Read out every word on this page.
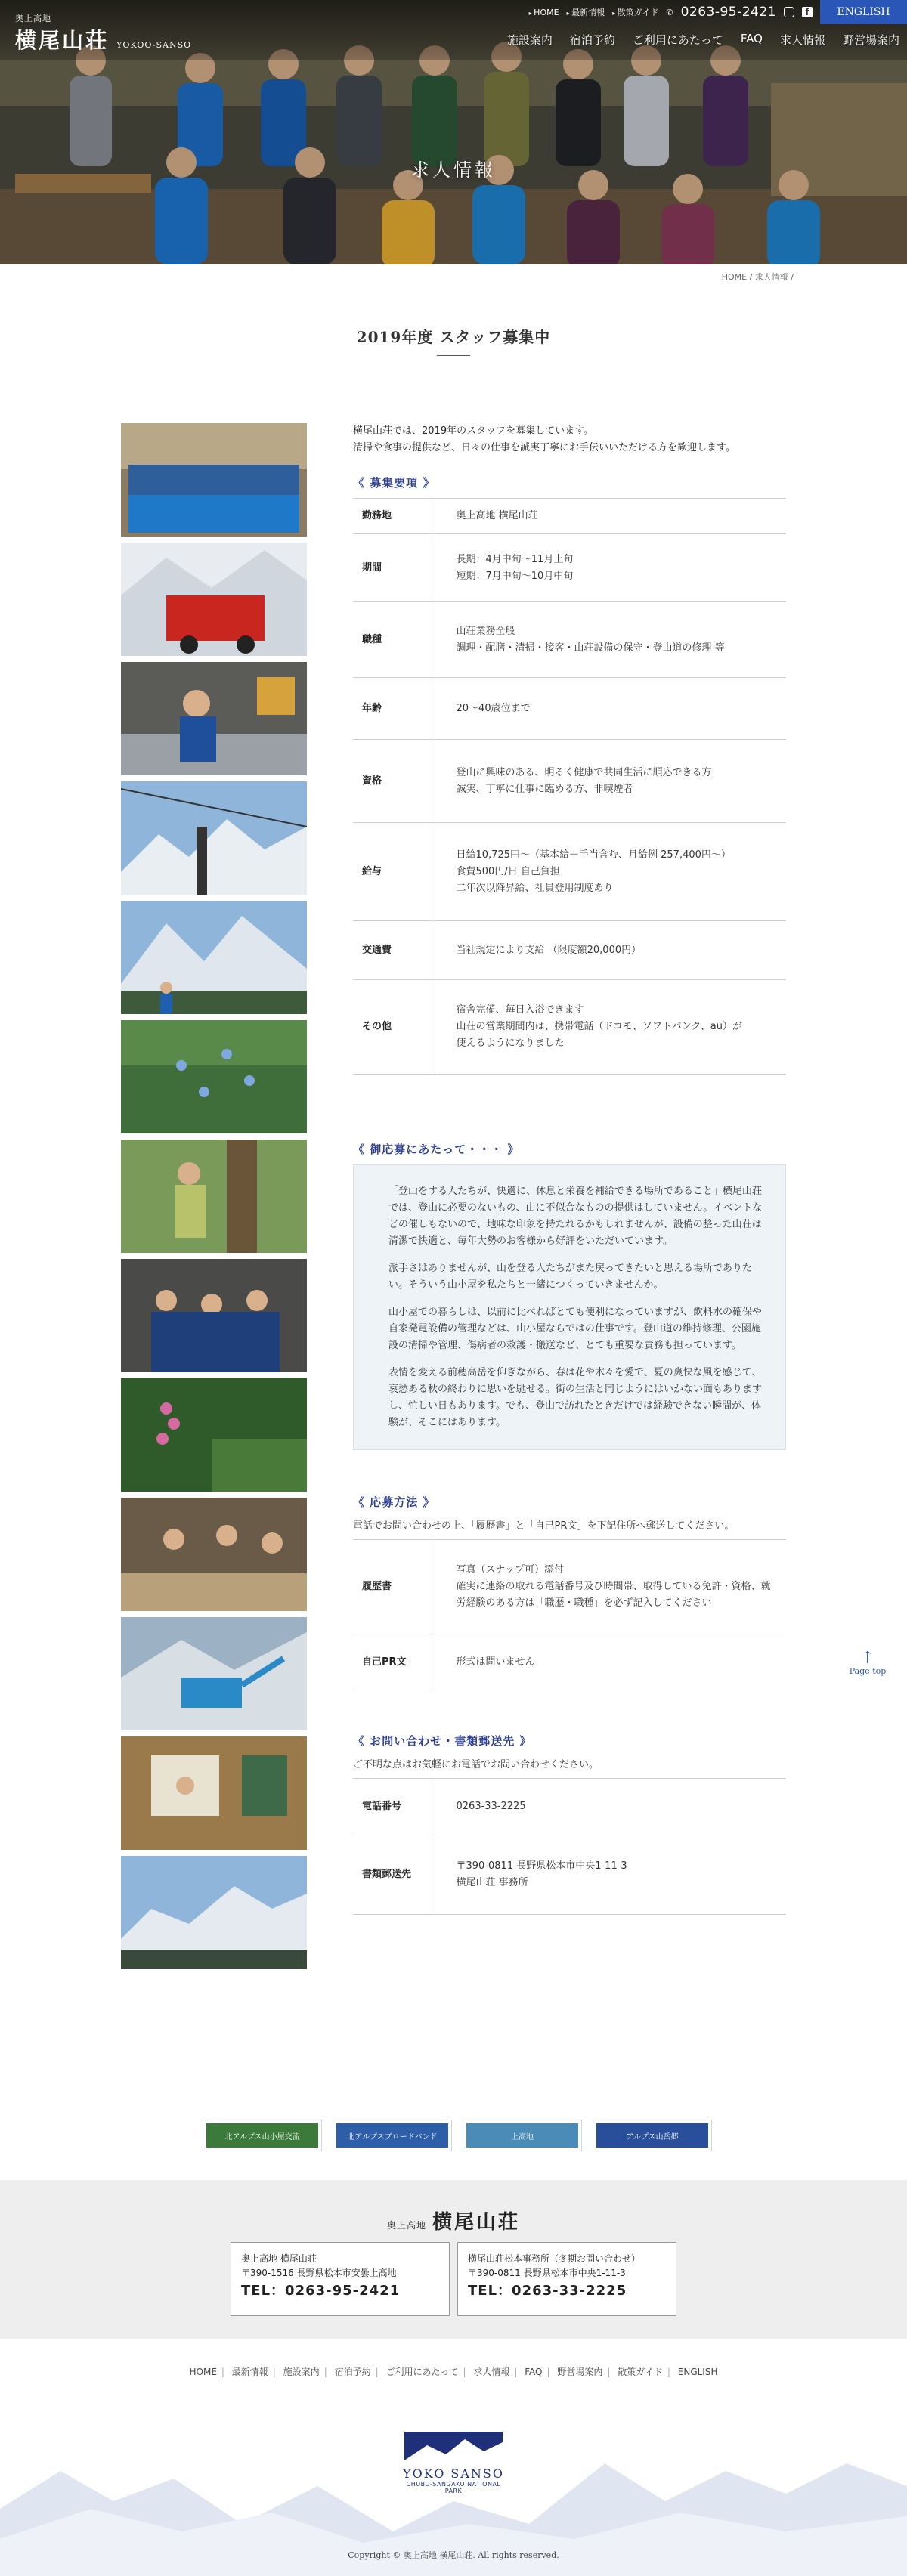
求人情報
奥上高地
横尾山荘 YOKOO-SANSO
▸ HOME	▸ 最新情報	▸ 散策ガイド ✆ 0263-95-2421	f	ENGLISH
施設案内 宿泊予約 ご利用にあたって FAQ 求人情報 野営場案内
HOME / 求人情報 /
2019年度 スタッフ募集中

横尾山荘では、2019年のスタッフを募集しています。

清掃や食事の提供など、日々の仕事を誠実丁寧にお手伝いいただける方を歓迎します。

《 募集要項 》
勤務地	奥上高地 横尾山荘

期間	長期：4月中旬〜11月上旬
短期：7月中旬〜10月中旬

職種	山荘業務全般
調理・配膳・清掃・接客・山荘設備の保守・登山道の修理 等

年齢	20〜40歳位まで

資格	登山に興味のある、明るく健康で共同生活に順応できる方
誠実、丁寧に仕事に臨める方、非喫煙者

給与	日給10,725円〜（基本給＋手当含む、月給例 257,400円〜）
食費500円/日 自己負担
二年次以降昇給、社員登用制度あり

交通費	当社規定により支給 （限度額20,000円）

その他	宿舎完備、毎日入浴できます
山荘の営業期間内は、携帯電話（ドコモ、ソフトバンク、au）が
使えるようになりました
《 御応募にあたって・・・ 》

「登山をする人たちが、快適に、休息と栄養を補給できる場所であること」横尾山荘では、登山に必要のないもの、山に不似合なものの提供はしていません。イベントなどの催しもないので、地味な印象を持たれるかもしれませんが、設備の整った山荘は清潔で快適と、毎年大勢のお客様から好評をいただいています。

派手さはありませんが、山を登る人たちがまた戻ってきたいと思える場所でありたい。そういう山小屋を私たちと一緒につくっていきませんか。

山小屋での暮らしは、以前に比べればとても便利になっていますが、飲料水の確保や自家発電設備の管理などは、山小屋ならではの仕事です。登山道の維持修理、公園施設の清掃や管理、傷病者の救護・搬送など、とても重要な責務も担っています。

表情を変える前穂高岳を仰ぎながら、春は花や木々を愛で、夏の爽快な風を感じて、哀愁ある秋の終わりに思いを馳せる。街の生活と同じようにはいかない面もありますし、忙しい日もあります。でも、登山で訪れたときだけでは経験できない瞬間が、体験が、そこにはあります。

《 応募方法 》
電話でお問い合わせの上、「履歴書」と「自己PR文」を下記住所へ郵送してください。
履歴書	写真（スナップ可）添付
確実に連絡の取れる電話番号及び時間帯、取得している免許・資格、就労経験のある方は「職歴・職種」を必ず記入してください

自己PR文	形式は問いません
《 お問い合わせ・書類郵送先 》
ご不明な点はお気軽にお電話でお問い合わせください。
電話番号	0263-33-2225

書類郵送先	〒390-0811 長野県松本市中央1-11-3
横尾山荘 事務所
↑
Page top
北アルプス山小屋交流	北アルプスブロードバンド	上高地	アルプス山岳郷
奥上高地 横尾山荘
奥上高地 横尾山荘
〒390-1516 長野県松本市安曇上高地
TEL：0263-95-2421
横尾山荘松本事務所（冬期お問い合わせ）
〒390-0811 長野県松本市中央1-11-3
TEL：0263-33-2225
HOME | 最新情報 | 施設案内 | 宿泊予約 | ご利用にあたって | 求人情報 | FAQ | 野営場案内 | 散策ガイド | ENGLISH
YOKO SANSO
CHUBU-SANGAKU NATIONAL PARK
Copyright © 奥上高地 横尾山荘. All rights reserved.
